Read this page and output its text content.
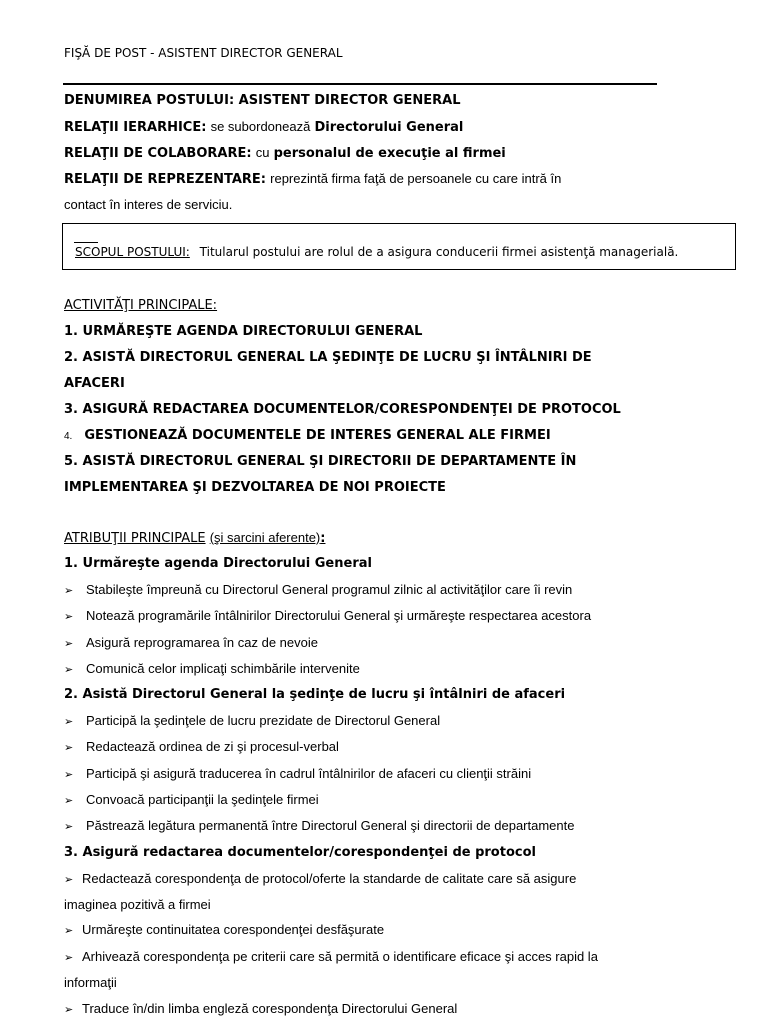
FIŞĂ DE POST - ASISTENT DIRECTOR GENERAL
DENUMIREA POSTULUI: ASISTENT DIRECTOR GENERAL
RELAŢII IERARHICE: se subordonează Directorului General
RELAŢII DE COLABORARE: cu personalul de execuţie al firmei
RELAŢII DE REPREZENTARE: reprezintă firma faţă de persoanele cu care intră în
contact în interes de serviciu.
SCOPUL POSTULUI: Titularul postului are rolul de a asigura conducerii firmei asistenţă managerială.
ACTIVITĂŢI PRINCIPALE:
1. URMĂREŞTE AGENDA DIRECTORULUI GENERAL
2. ASISTĂ DIRECTORUL GENERAL LA ŞEDINŢE DE LUCRU ŞI ÎNTÂLNIRI DE
AFACERI
3. ASIGURĂ REDACTAREA DOCUMENTELOR/CORESPONDENŢEI DE PROTOCOL
4. GESTIONEAZĂ DOCUMENTELE DE INTERES GENERAL ALE FIRMEI
5. ASISTĂ DIRECTORUL GENERAL ŞI DIRECTORII DE DEPARTAMENTE ÎN
IMPLEMENTAREA ŞI DEZVOLTAREA DE NOI PROIECTE
ATRIBUŢII PRINCIPALE (şi sarcini aferente):
1. Urmăreşte agenda Directorului General
➢ Stabileşte împreună cu Directorul General programul zilnic al activităţilor care îi revin
➢ Notează programările întâlnirilor Directorului General şi urmăreşte respectarea acestora
➢ Asigură reprogramarea în caz de nevoie
➢ Comunică celor implicaţi schimbările intervenite
2. Asistă Directorul General la şedinţe de lucru şi întâlniri de afaceri
➢ Participă la şedinţele de lucru prezidate de Directorul General
➢ Redactează ordinea de zi şi procesul-verbal
➢ Participă şi asigură traducerea în cadrul întâlnirilor de afaceri cu clienţii străini
➢ Convoacă participanţii la şedinţele firmei
➢ Păstrează legătura permanentă între Directorul General şi directorii de departamente
3. Asigură redactarea documentelor/corespondenţei de protocol
➢ Redactează corespondenţa de protocol/oferte la standarde de calitate care să asigure
imaginea pozitivă a firmei
➢ Urmăreşte continuitatea corespondenţei desfăşurate
➢ Arhivează corespondenţa pe criterii care să permită o identificare eficace şi acces rapid la
informaţii
➢ Traduce în/din limba engleză corespondenţa Directorului General
